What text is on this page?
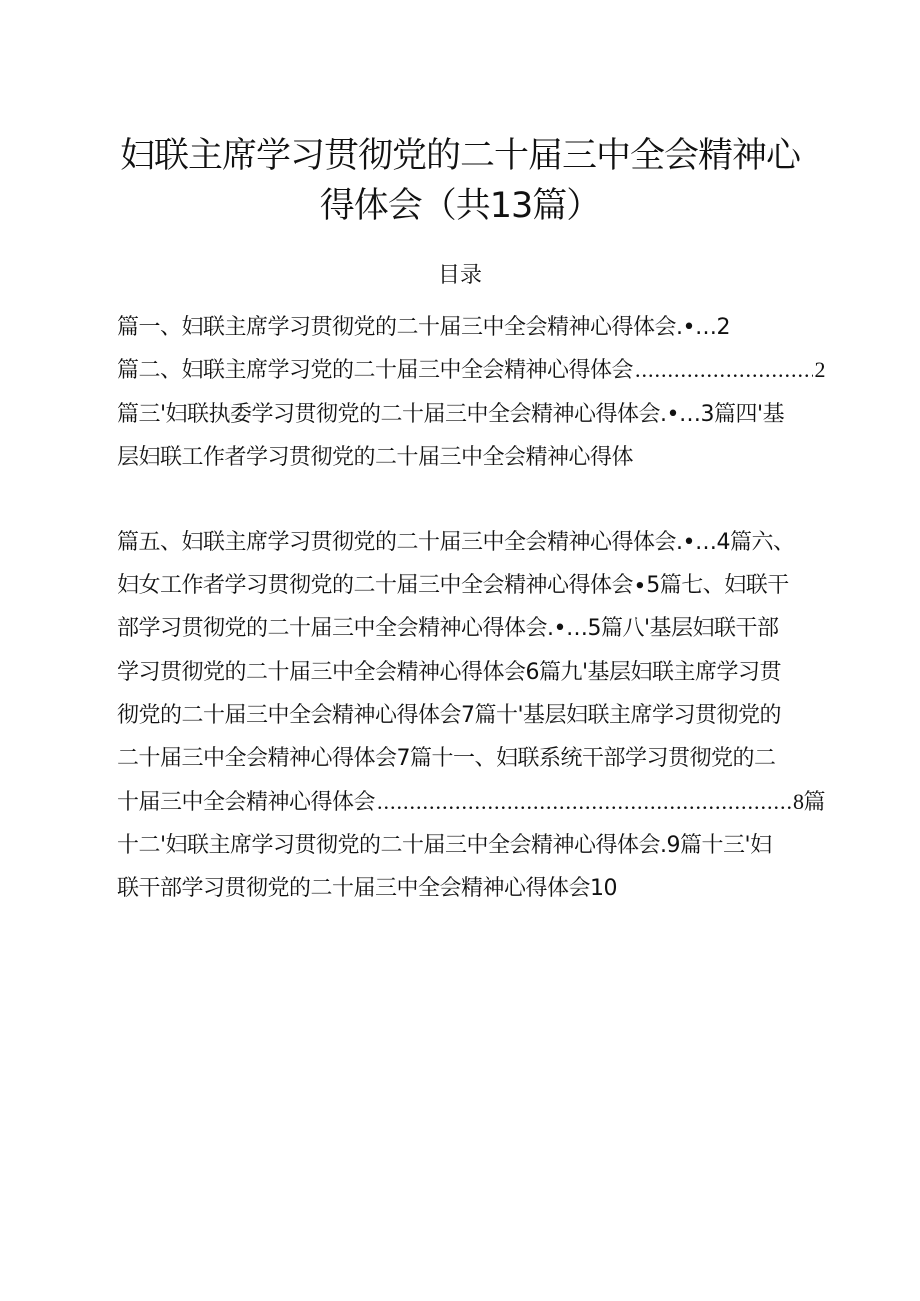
妇联主席学习贯彻党的二十届三中全会精神心
得体会（共13篇）
目录
篇一、妇联主席学习贯彻党的二十届三中全会精神心得体会.•…2
篇二、妇联主席学习党的二十届三中全会精神心得体会 .....	2
篇三'妇联执委学习贯彻党的二十届三中全会精神心得体会.•…3篇四'基
层妇联工作者学习贯彻党的二十届三中全会精神心得体
篇五、妇联主席学习贯彻党的二十届三中全会精神心得体会.•…4篇六、
妇女工作者学习贯彻党的二十届三中全会精神心得体会∙5篇七、妇联干
部学习贯彻党的二十届三中全会精神心得体会.•…5篇八'基层妇联干部
学习贯彻党的二十届三中全会精神心得体会6篇九'基层妇联主席学习贯
彻党的二十届三中全会精神心得体会7篇十'基层妇联主席学习贯彻党的
二十届三中全会精神心得体会7篇十一、妇联系统干部学习贯彻党的二
十届三中全会精神心得体会 .....	8篇
十二'妇联主席学习贯彻党的二十届三中全会精神心得体会.9篇十三'妇
联干部学习贯彻党的二十届三中全会精神心得体会10
